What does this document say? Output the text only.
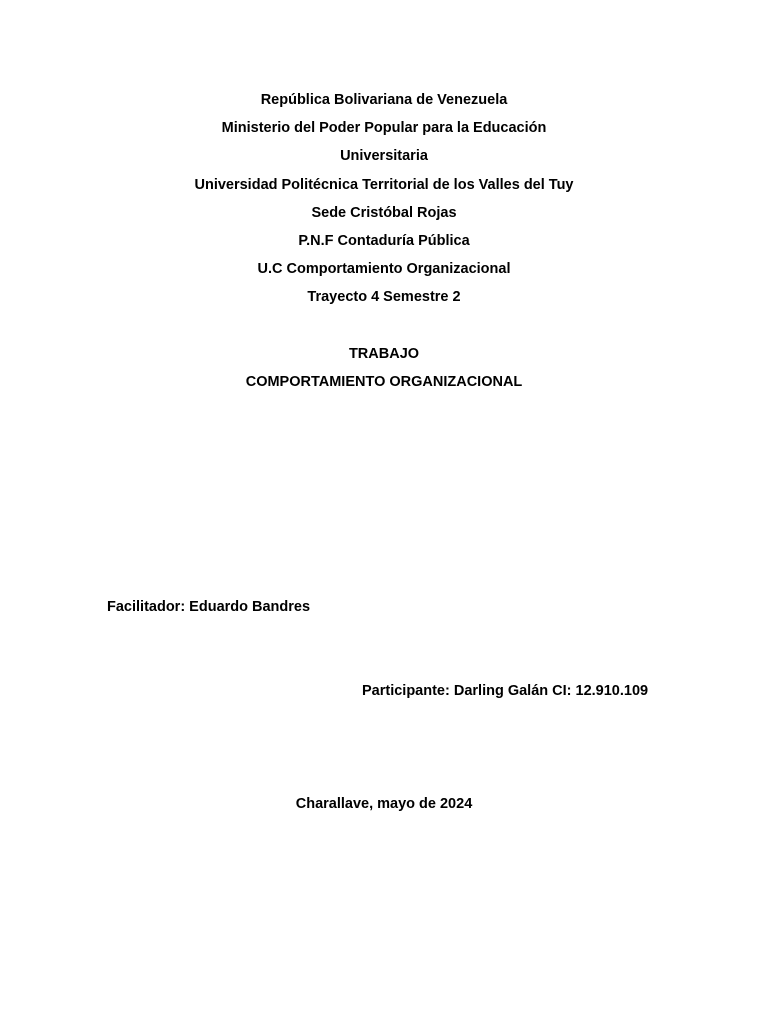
República Bolivariana de Venezuela
Ministerio del Poder Popular para la Educación
Universitaria
Universidad Politécnica Territorial de los Valles del Tuy
Sede Cristóbal Rojas
P.N.F Contaduría Pública
U.C Comportamiento Organizacional
Trayecto 4 Semestre 2
TRABAJO
COMPORTAMIENTO ORGANIZACIONAL
Facilitador: Eduardo Bandres
Participante: Darling Galán CI: 12.910.109
Charallave, mayo de 2024
